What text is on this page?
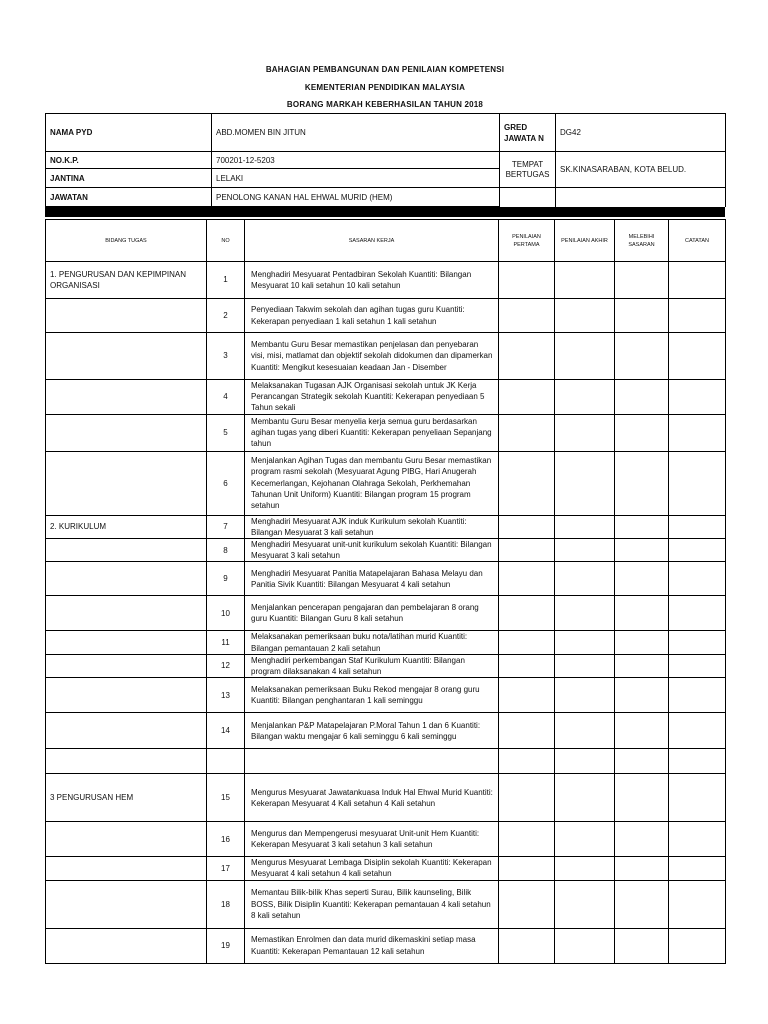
BAHAGIAN PEMBANGUNAN DAN PENILAIAN KOMPETENSI
KEMENTERIAN PENDIDIKAN MALAYSIA
BORANG MARKAH KEBERHASILAN TAHUN 2018
NAMA PYD	ABD.MOMEN BIN JITUN	GRED JAWATA N	DG42
NO.K.P.	700201-12-5203	TEMPAT BERTUGAS	SK.KINASARABAN, KOTA BELUD.
JANTINA	LELAKI		
JAWATAN	PENOLONG KANAN HAL EHWAL MURID (HEM)		
BIDANG TUGAS	NO	SASARAN KERJA	PENILAIAN PERTAMA	PENILAIAN AKHIR	MELEBIHI SASARAN	CATATAN
1. PENGURUSAN DAN KEPIMPINAN ORGANISASI	1	Menghadiri Mesyuarat Pentadbiran Sekolah Kuantiti: Bilangan Mesyuarat 10 kali setahun 10 kali setahun				
	2	Penyediaan Takwim sekolah dan agihan tugas guru Kuantiti: Kekerapan penyediaan 1 kali setahun 1 kali setahun				
	3	Membantu Guru Besar memastikan penjelasan dan penyebaran visi, misi, matlamat dan objektif sekolah didokumen dan dipamerkan Kuantiti: Mengikut kesesuaian keadaan Jan - Disember				
	4	Melaksanakan Tugasan AJK Organisasi sekolah untuk JK Kerja Perancangan Strategik sekolah Kuantiti: Kekerapan penyediaan 5 Tahun sekali				
	5	Membantu Guru Besar menyelia kerja semua guru berdasarkan agihan tugas yang diberi Kuantiti: Kekerapan penyeliaan Sepanjang tahun				
	6	Menjalankan Agihan Tugas dan membantu Guru Besar memastikan program rasmi sekolah (Mesyuarat Agung PIBG, Hari Anugerah Kecemerlangan, Kejohanan Olahraga Sekolah, Perkhemahan Tahunan Unit Uniform) Kuantiti: Bilangan program 15 program setahun				
2. KURIKULUM	7	Menghadiri Mesyuarat AJK induk Kurikulum sekolah Kuantiti: Bilangan Mesyuarat 3 kali setahun				
	8	Menghadiri Mesyuarat unit-unit kurikulum sekolah Kuantiti: Bilangan Mesyuarat 3 kali setahun				
	9	Menghadiri Mesyuarat Panitia Matapelajaran Bahasa Melayu dan Panitia Sivik Kuantiti: Bilangan Mesyuarat 4 kali setahun				
	10	Menjalankan pencerapan pengajaran dan pembelajaran 8 orang guru Kuantiti: Bilangan Guru 8 kali setahun				
	11	Melaksanakan pemeriksaan buku nota/latihan murid Kuantiti: Bilangan pemantauan 2 kali setahun				
	12	Menghadiri perkembangan Staf Kurikulum Kuantiti: Bilangan program dilaksanakan 4 kali setahun				
	13	Melaksanakan pemeriksaan Buku Rekod mengajar 8 orang guru Kuantiti: Bilangan penghantaran 1 kali seminggu				
	14	Menjalankan P&P Matapelajaran P.Moral Tahun 1 dan 6 Kuantiti: Bilangan waktu mengajar 6 kali seminggu 6 kali seminggu				

3 PENGURUSAN HEM	15	Mengurus Mesyuarat Jawatankuasa Induk Hal Ehwal Murid Kuantiti: Kekerapan Mesyuarat 4 Kali setahun 4 Kali setahun				
	16	Mengurus dan Mempengerusi mesyuarat Unit-unit Hem Kuantiti: Kekerapan Mesyuarat 3 kali setahun 3 kali setahun				
	17	Mengurus Mesyuarat Lembaga Disiplin sekolah Kuantiti: Kekerapan Mesyuarat 4 kali setahun 4 kali setahun				
	18	Memantau Bilik-bilik Khas seperti Surau, Bilik kaunseling, Bilik BOSS, Bilik Disiplin Kuantiti: Kekerapan pemantauan 4 kali setahun 8 kali setahun				
	19	Memastikan Enrolmen dan data murid dikemaskini setiap masa Kuantiti: Kekerapan Pemantauan 12 kali setahun				
